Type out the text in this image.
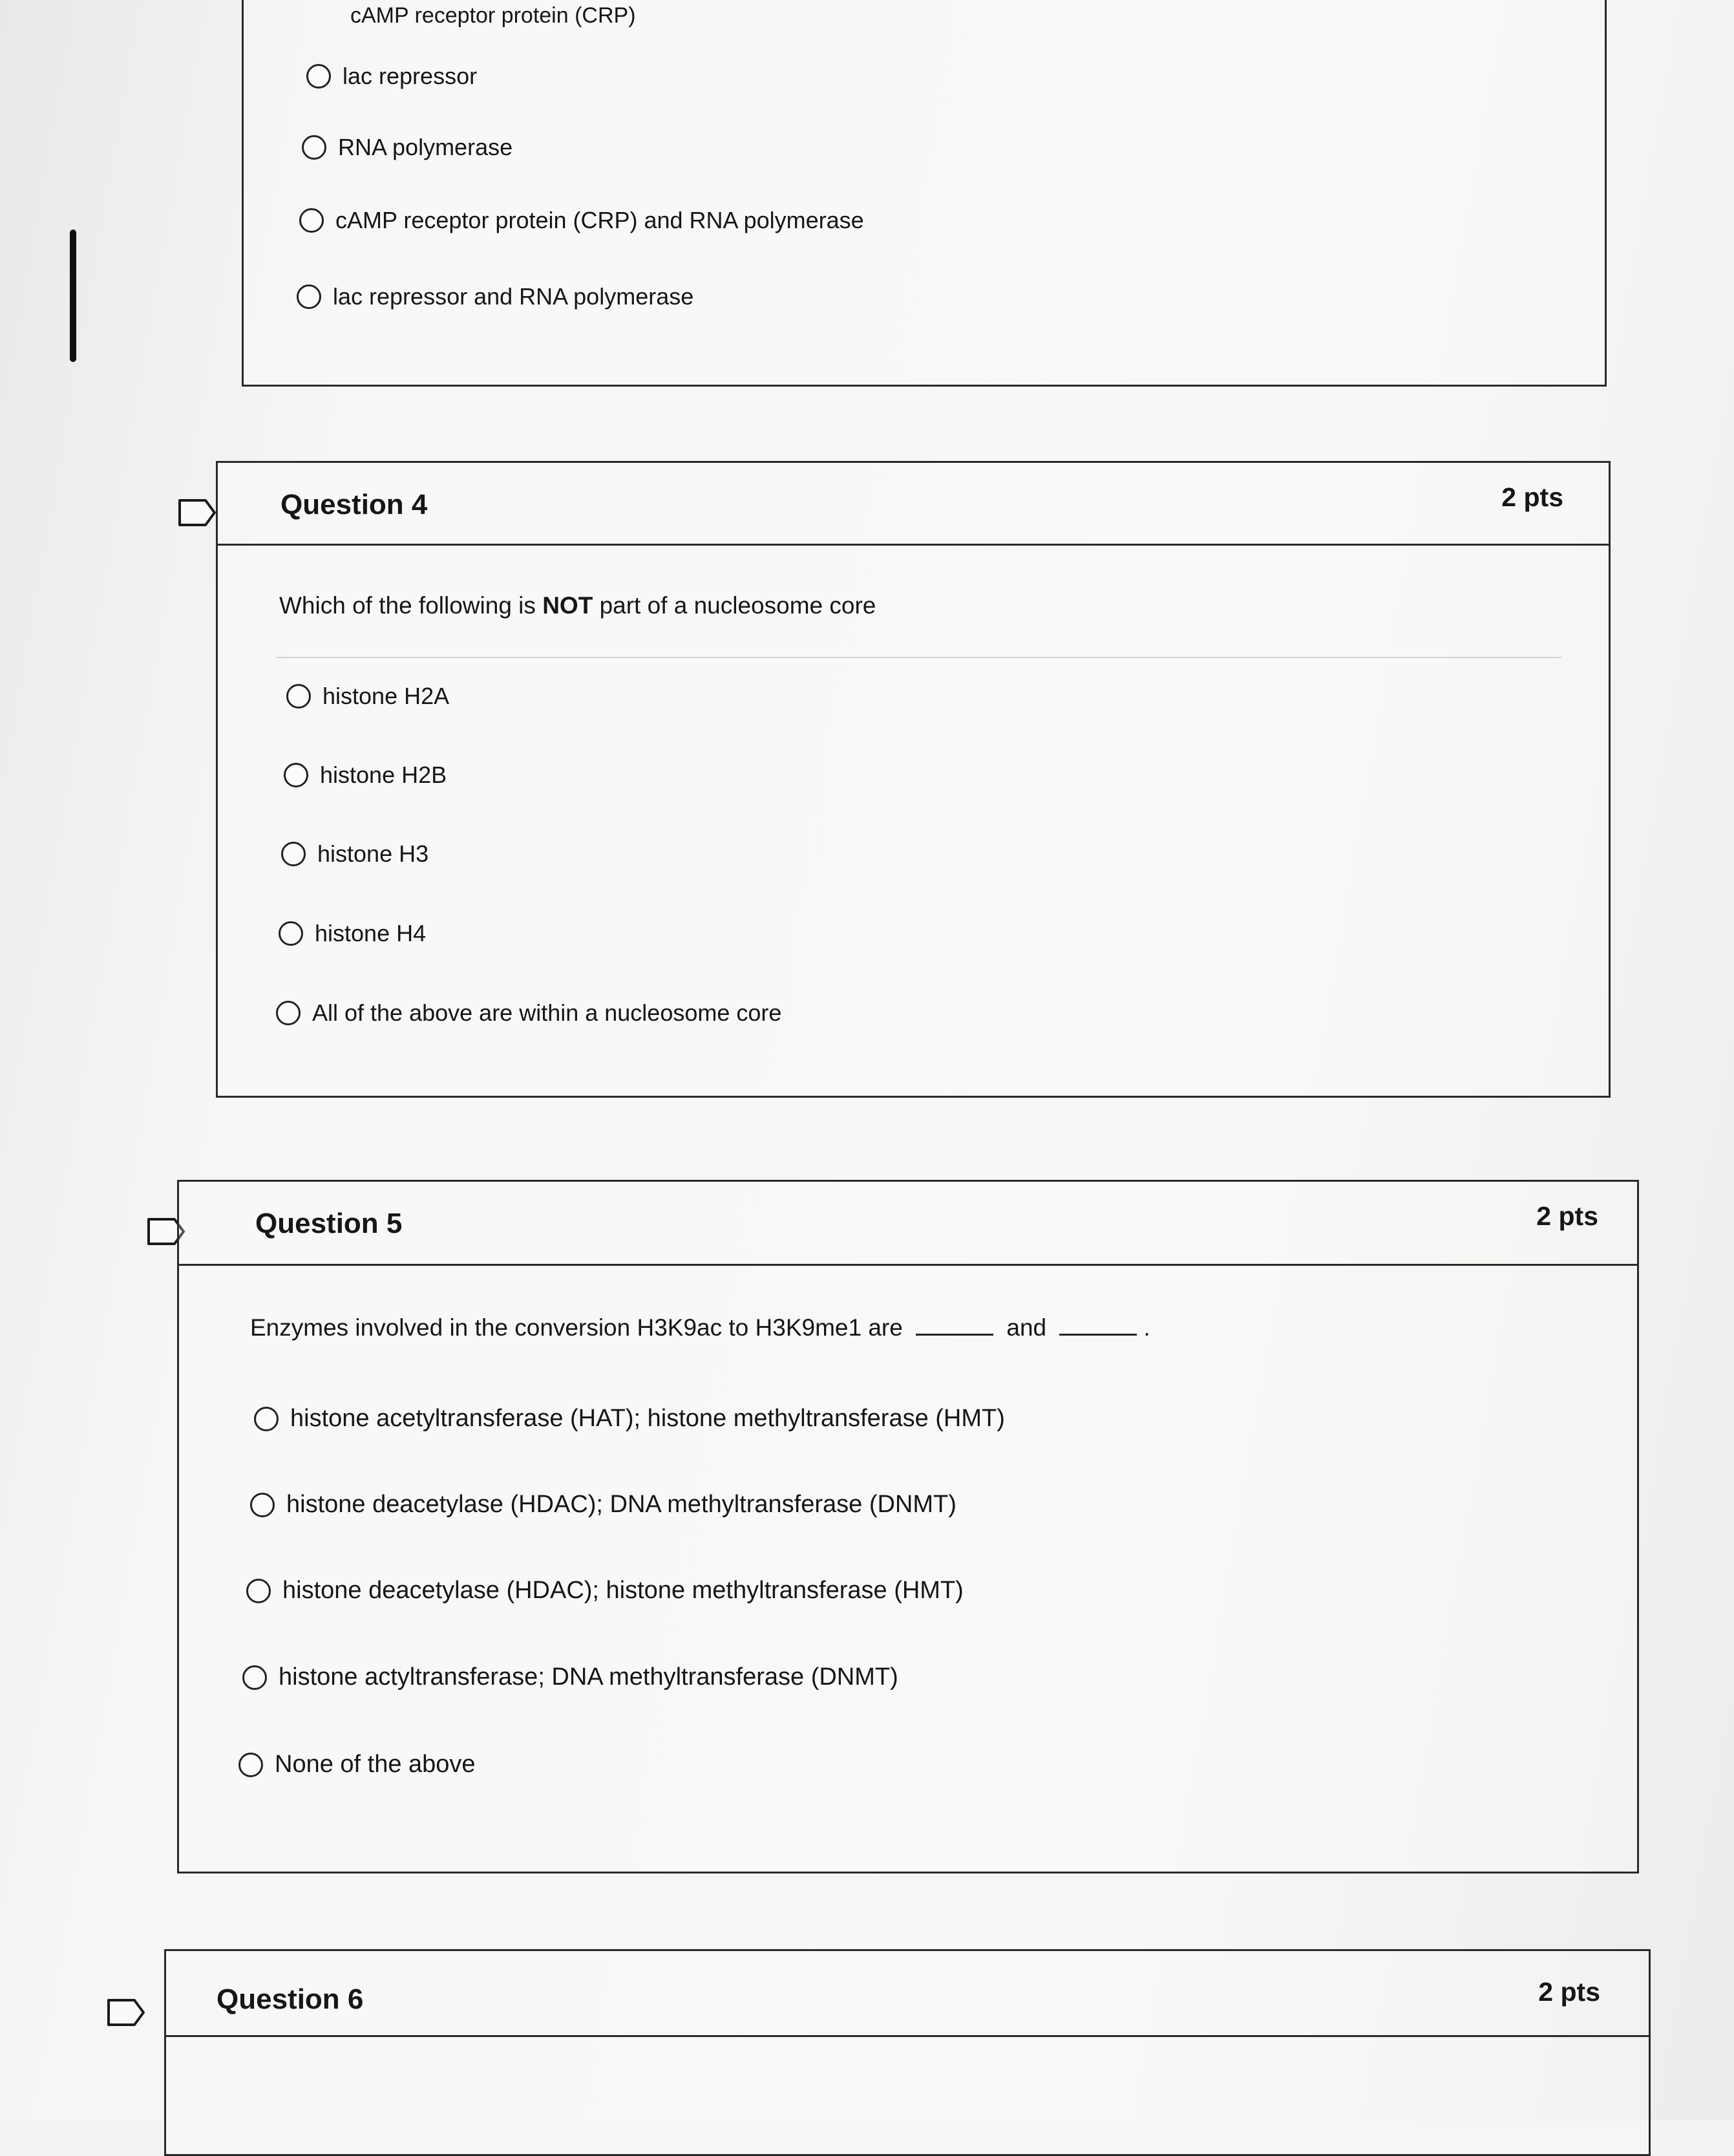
cAMP receptor protein (CRP)
lac repressor
RNA polymerase
cAMP receptor protein (CRP) and RNA polymerase
lac repressor and RNA polymerase
Question 4	2 pts
Which of the following is NOT part of a nucleosome core
histone H2A
histone H2B
histone H3
histone H4
All of the above are within a nucleosome core
Question 5	2 pts
Enzymes involved in the conversion H3K9ac to H3K9me1 are	and	.
histone acetyltransferase (HAT); histone methyltransferase (HMT)
histone deacetylase (HDAC); DNA methyltransferase (DNMT)
histone deacetylase (HDAC); histone methyltransferase (HMT)
histone actyltransferase; DNA methyltransferase (DNMT)
None of the above
Question 6	2 pts
